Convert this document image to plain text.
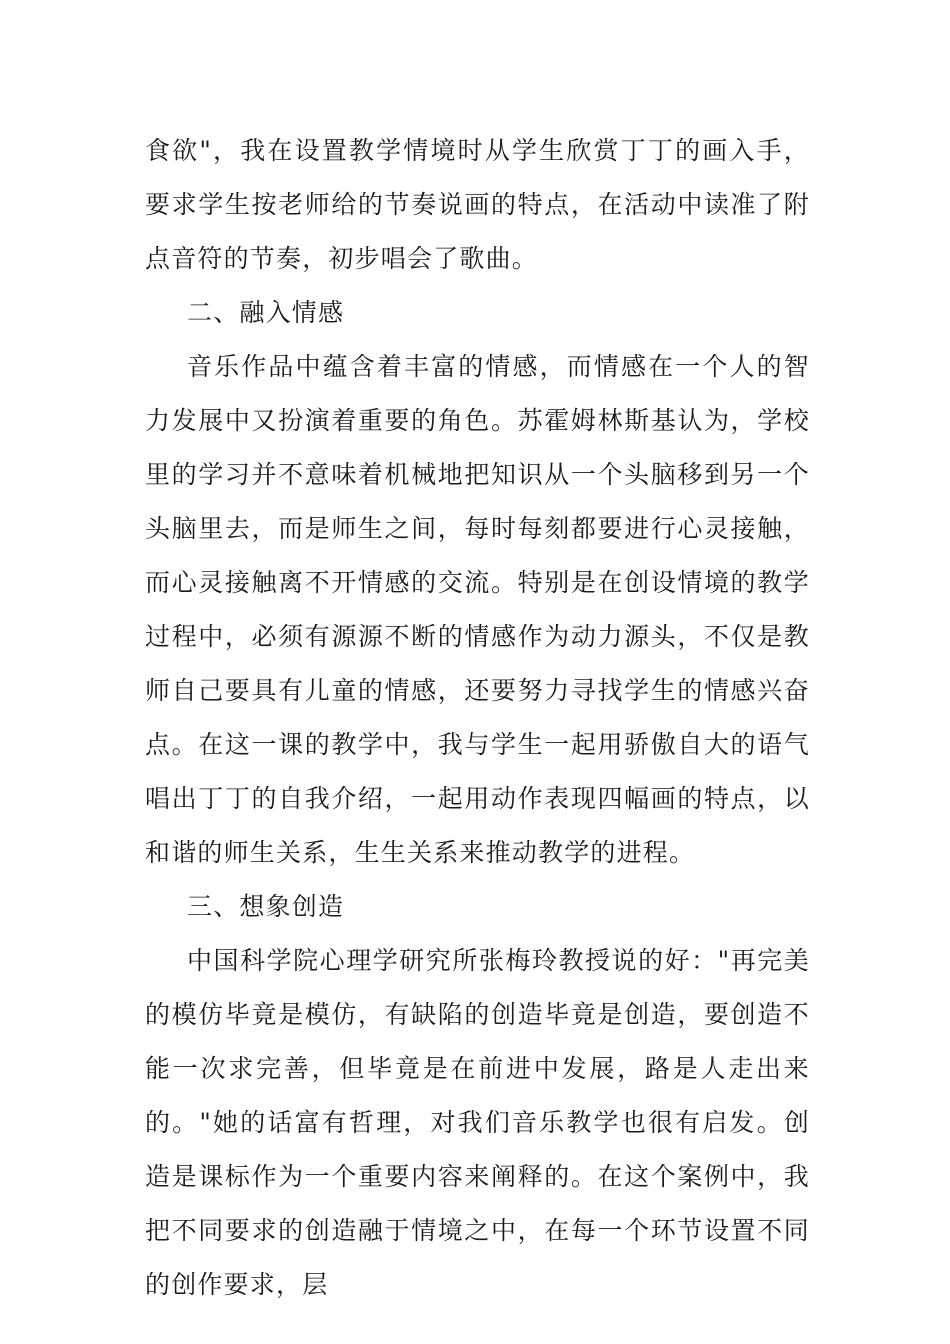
食欲"，我在设置教学情境时从学生欣赏丁丁的画入手，要求学生按老师给的节奏说画的特点，在活动中读准了附点音符的节奏，初步唱会了歌曲。

二、融入情感

音乐作品中蕴含着丰富的情感，而情感在一个人的智力发展中又扮演着重要的角色。苏霍姆林斯基认为，学校里的学习并不意味着机械地把知识从一个头脑移到另一个头脑里去，而是师生之间，每时每刻都要进行心灵接触，而心灵接触离不开情感的交流。特别是在创设情境的教学过程中，必须有源源不断的情感作为动力源头，不仅是教师自己要具有儿童的情感，还要努力寻找学生的情感兴奋点。在这一课的教学中，我与学生一起用骄傲自大的语气唱出丁丁的自我介绍，一起用动作表现四幅画的特点，以和谐的师生关系，生生关系来推动教学的进程。

三、想象创造

中国科学院心理学研究所张梅玲教授说的好："再完美的模仿毕竟是模仿，有缺陷的创造毕竟是创造，要创造不能一次求完善，但毕竟是在前进中发展，路是人走出来的。"她的话富有哲理，对我们音乐教学也很有启发。创造是课标作为一个重要内容来阐释的。在这个案例中，我把不同要求的创造融于情境之中，在每一个环节设置不同的创作要求，层
